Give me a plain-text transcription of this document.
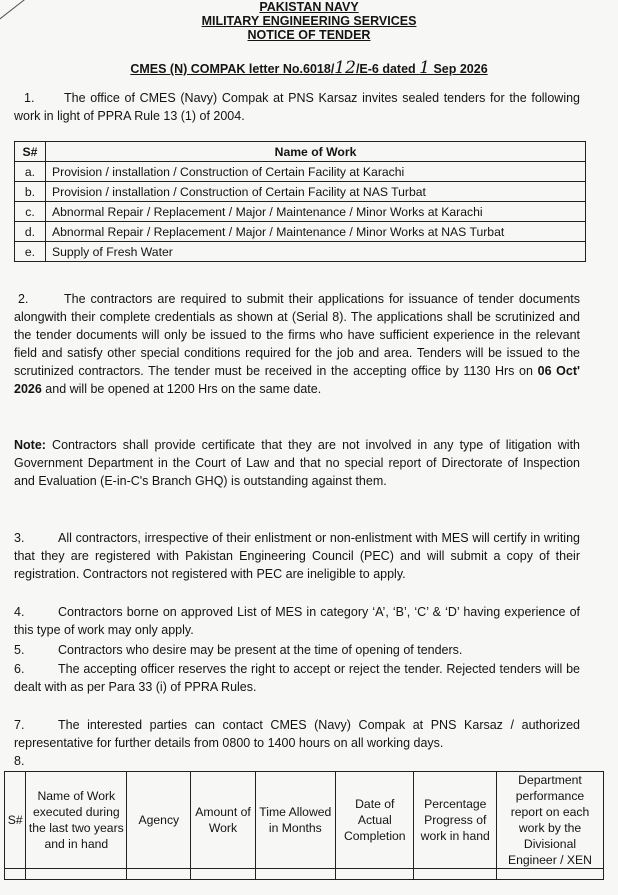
PAKISTAN NAVY
MILITARY ENGINEERING SERVICES
NOTICE OF TENDER
CMES (N) COMPAK letter No.6018/12/E-6 dated 1 Sep 2026
1. The office of CMES (Navy) Compak at PNS Karsaz invites sealed tenders for the following work in light of PPRA Rule 13 (1) of 2004.
S#	Name of Work
a.	Provision / installation / Construction of Certain Facility at Karachi
b.	Provision / installation / Construction of Certain Facility at NAS Turbat
c.	Abnormal Repair / Replacement / Major / Maintenance / Minor Works at Karachi
d.	Abnormal Repair / Replacement / Major / Maintenance / Minor Works at NAS Turbat
e.	Supply of Fresh Water
2.	The contractors are required to submit their applications for issuance of tender documents alongwith their complete credentials as shown at (Serial 8). The applications shall be scrutinized and the tender documents will only be issued to the firms who have sufficient experience in the relevant field and satisfy other special conditions required for the job and area. Tenders will be issued to the scrutinized contractors. The tender must be received in the accepting office by 1130 Hrs on 06 Oct' 2026 and will be opened at 1200 Hrs on the same date.
Note: Contractors shall provide certificate that they are not involved in any type of litigation with Government Department in the Court of Law and that no special report of Directorate of Inspection and Evaluation (E-in-C's Branch GHQ) is outstanding against them.
3.	All contractors, irrespective of their enlistment or non-enlistment with MES will certify in writing that they are registered with Pakistan Engineering Council (PEC) and will submit a copy of their registration. Contractors not registered with PEC are ineligible to apply.
4.	Contractors borne on approved List of MES in category ‘A’, ‘B’, ‘C’ & ‘D’ having experience of this type of work may only apply.
5.	Contractors who desire may be present at the time of opening of tenders.
6.	The accepting officer reserves the right to accept or reject the tender. Rejected tenders will be dealt with as per Para 33 (i) of PPRA Rules.
7.	The interested parties can contact CMES (Navy) Compak at PNS Karsaz / authorized representative for further details from 0800 to 1400 hours on all working days.
8.
S#	Name of Work executed during the last two years and in hand	Agency	Amount of Work	Time Allowed in Months	Date of Actual Completion	Percentage Progress of work in hand	Department performance report on each work by the Divisional Engineer / XEN
